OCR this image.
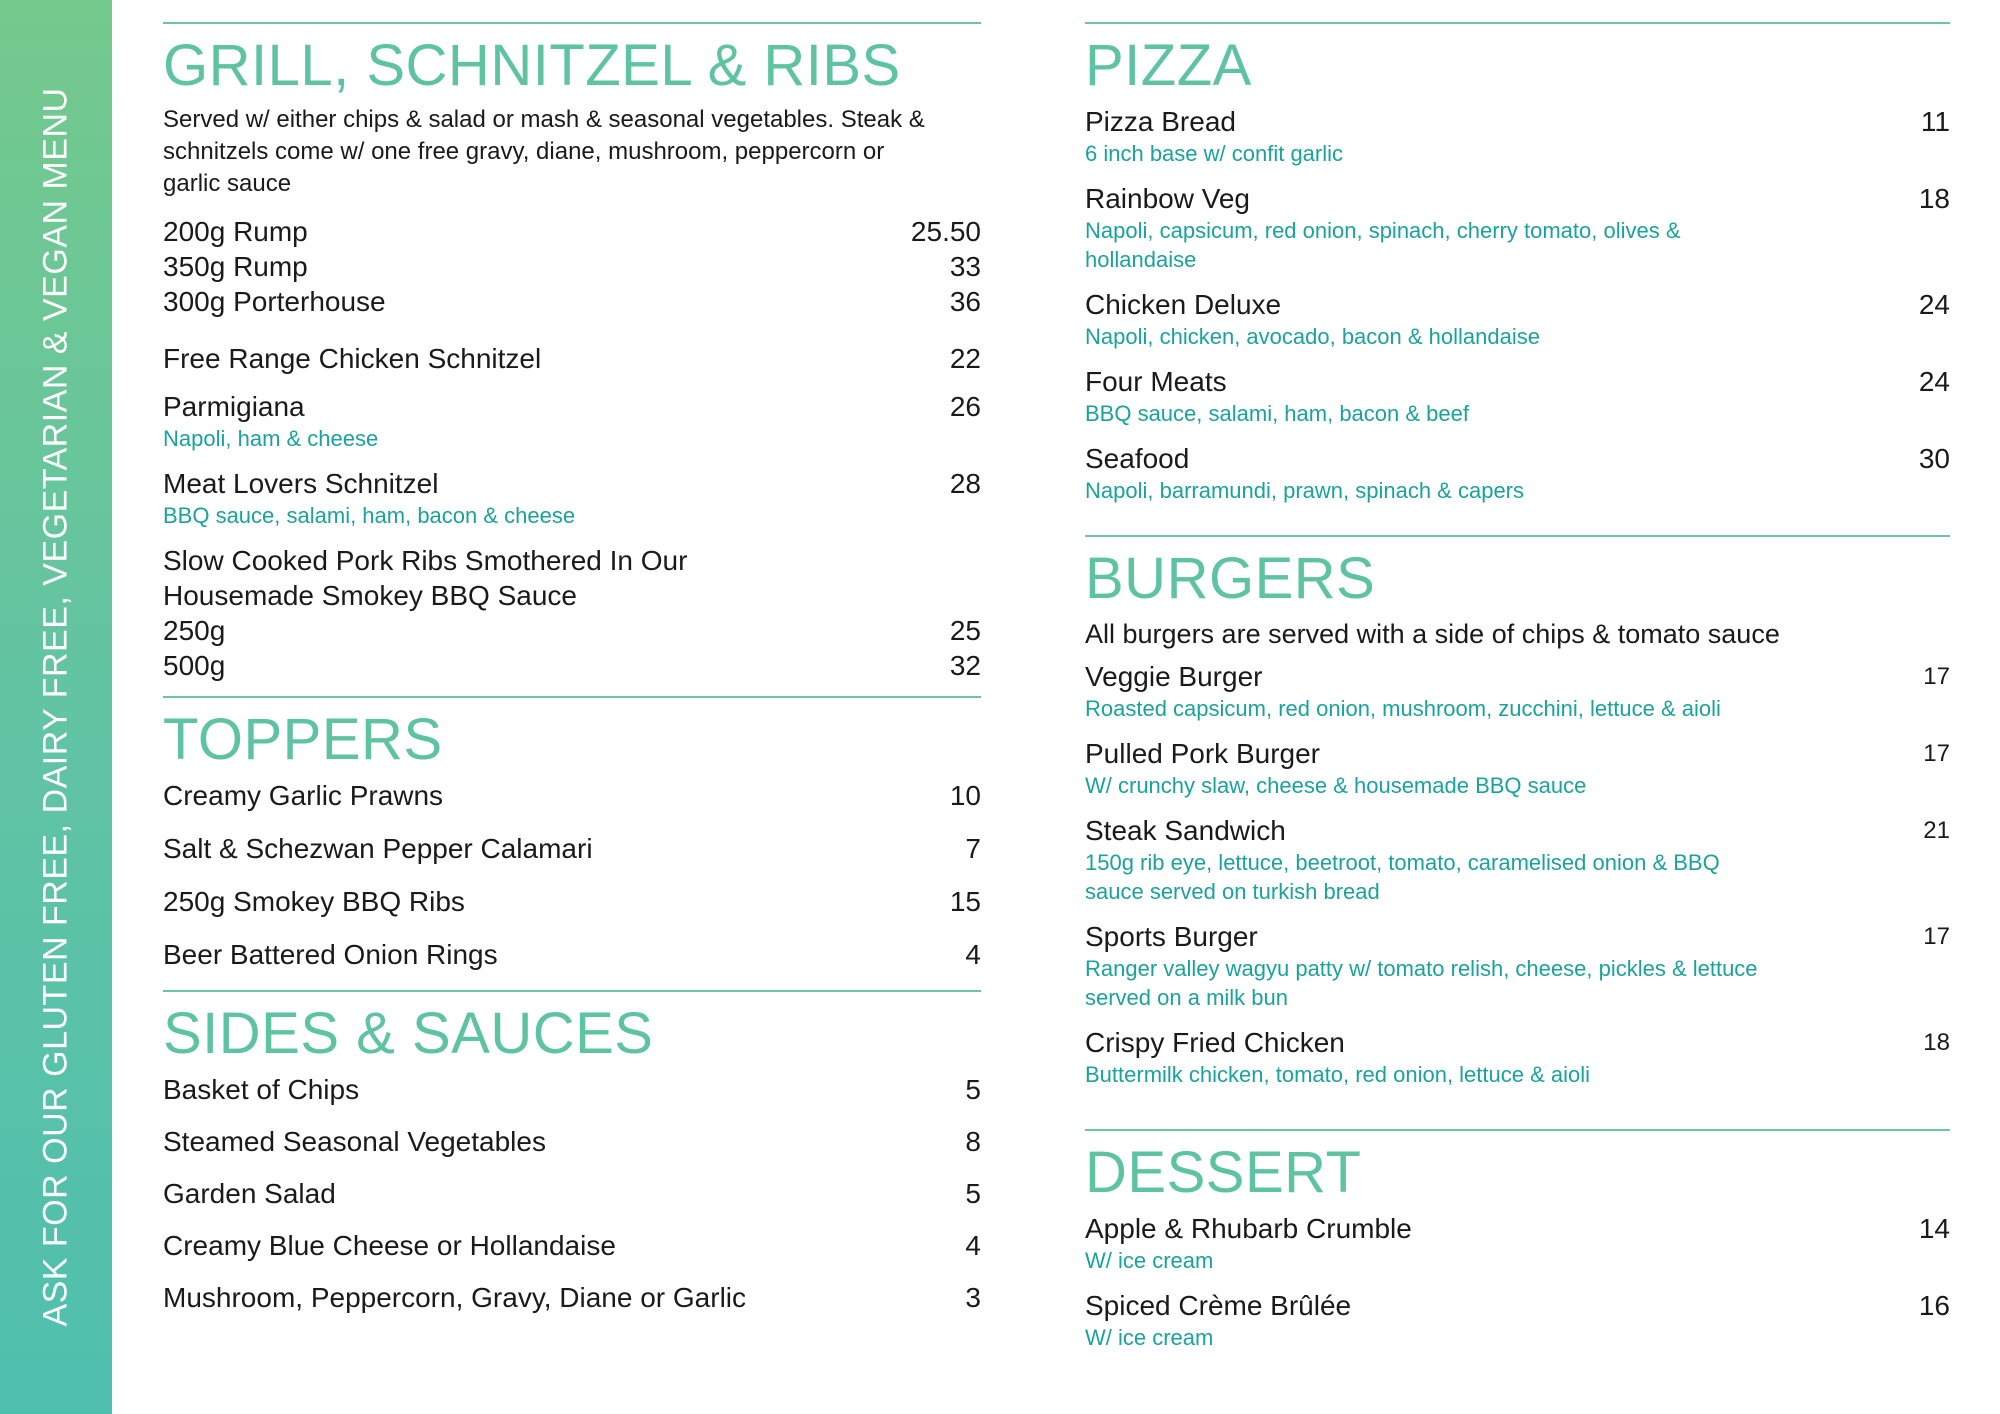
ASK FOR OUR GLUTEN FREE, DAIRY FREE, VEGETARIAN & VEGAN MENU
GRILL, SCHNITZEL & RIBS
Served w/ either chips & salad or mash & seasonal vegetables. Steak & schnitzels come w/ one free gravy, diane, mushroom, peppercorn or garlic sauce
200g Rump	25.50
350g Rump	33
300g Porterhouse	36
Free Range Chicken Schnitzel	22
Parmigiana	26
Napoli, ham & cheese
Meat Lovers Schnitzel	28
BBQ sauce, salami, ham, bacon & cheese
Slow Cooked Pork Ribs Smothered In Our Housemade Smokey BBQ Sauce
250g	25
500g	32
TOPPERS
Creamy Garlic Prawns	10
Salt & Schezwan Pepper Calamari	7
250g Smokey BBQ Ribs	15
Beer Battered Onion Rings	4
SIDES & SAUCES
Basket of Chips	5
Steamed Seasonal Vegetables	8
Garden Salad	5
Creamy Blue Cheese or Hollandaise	4
Mushroom, Peppercorn, Gravy, Diane or Garlic	3
PIZZA
Pizza Bread	11
6 inch base w/ confit garlic
Rainbow Veg	18
Napoli, capsicum, red onion, spinach, cherry tomato, olives & hollandaise
Chicken Deluxe	24
Napoli, chicken, avocado, bacon & hollandaise
Four Meats	24
BBQ sauce, salami, ham, bacon & beef
Seafood	30
Napoli, barramundi, prawn, spinach & capers
BURGERS
All burgers are served with a side of chips & tomato sauce
Veggie Burger	17
Roasted capsicum, red onion, mushroom, zucchini, lettuce & aioli
Pulled Pork Burger	17
W/ crunchy slaw, cheese & housemade BBQ sauce
Steak Sandwich	21
150g rib eye, lettuce, beetroot, tomato, caramelised onion & BBQ sauce served on turkish bread
Sports Burger	17
Ranger valley wagyu patty w/ tomato relish, cheese, pickles & lettuce served on a milk bun
Crispy Fried Chicken	18
Buttermilk chicken, tomato, red onion, lettuce & aioli
DESSERT
Apple & Rhubarb Crumble	14
W/ ice cream
Spiced Crème Brûlée	16
W/ ice cream
